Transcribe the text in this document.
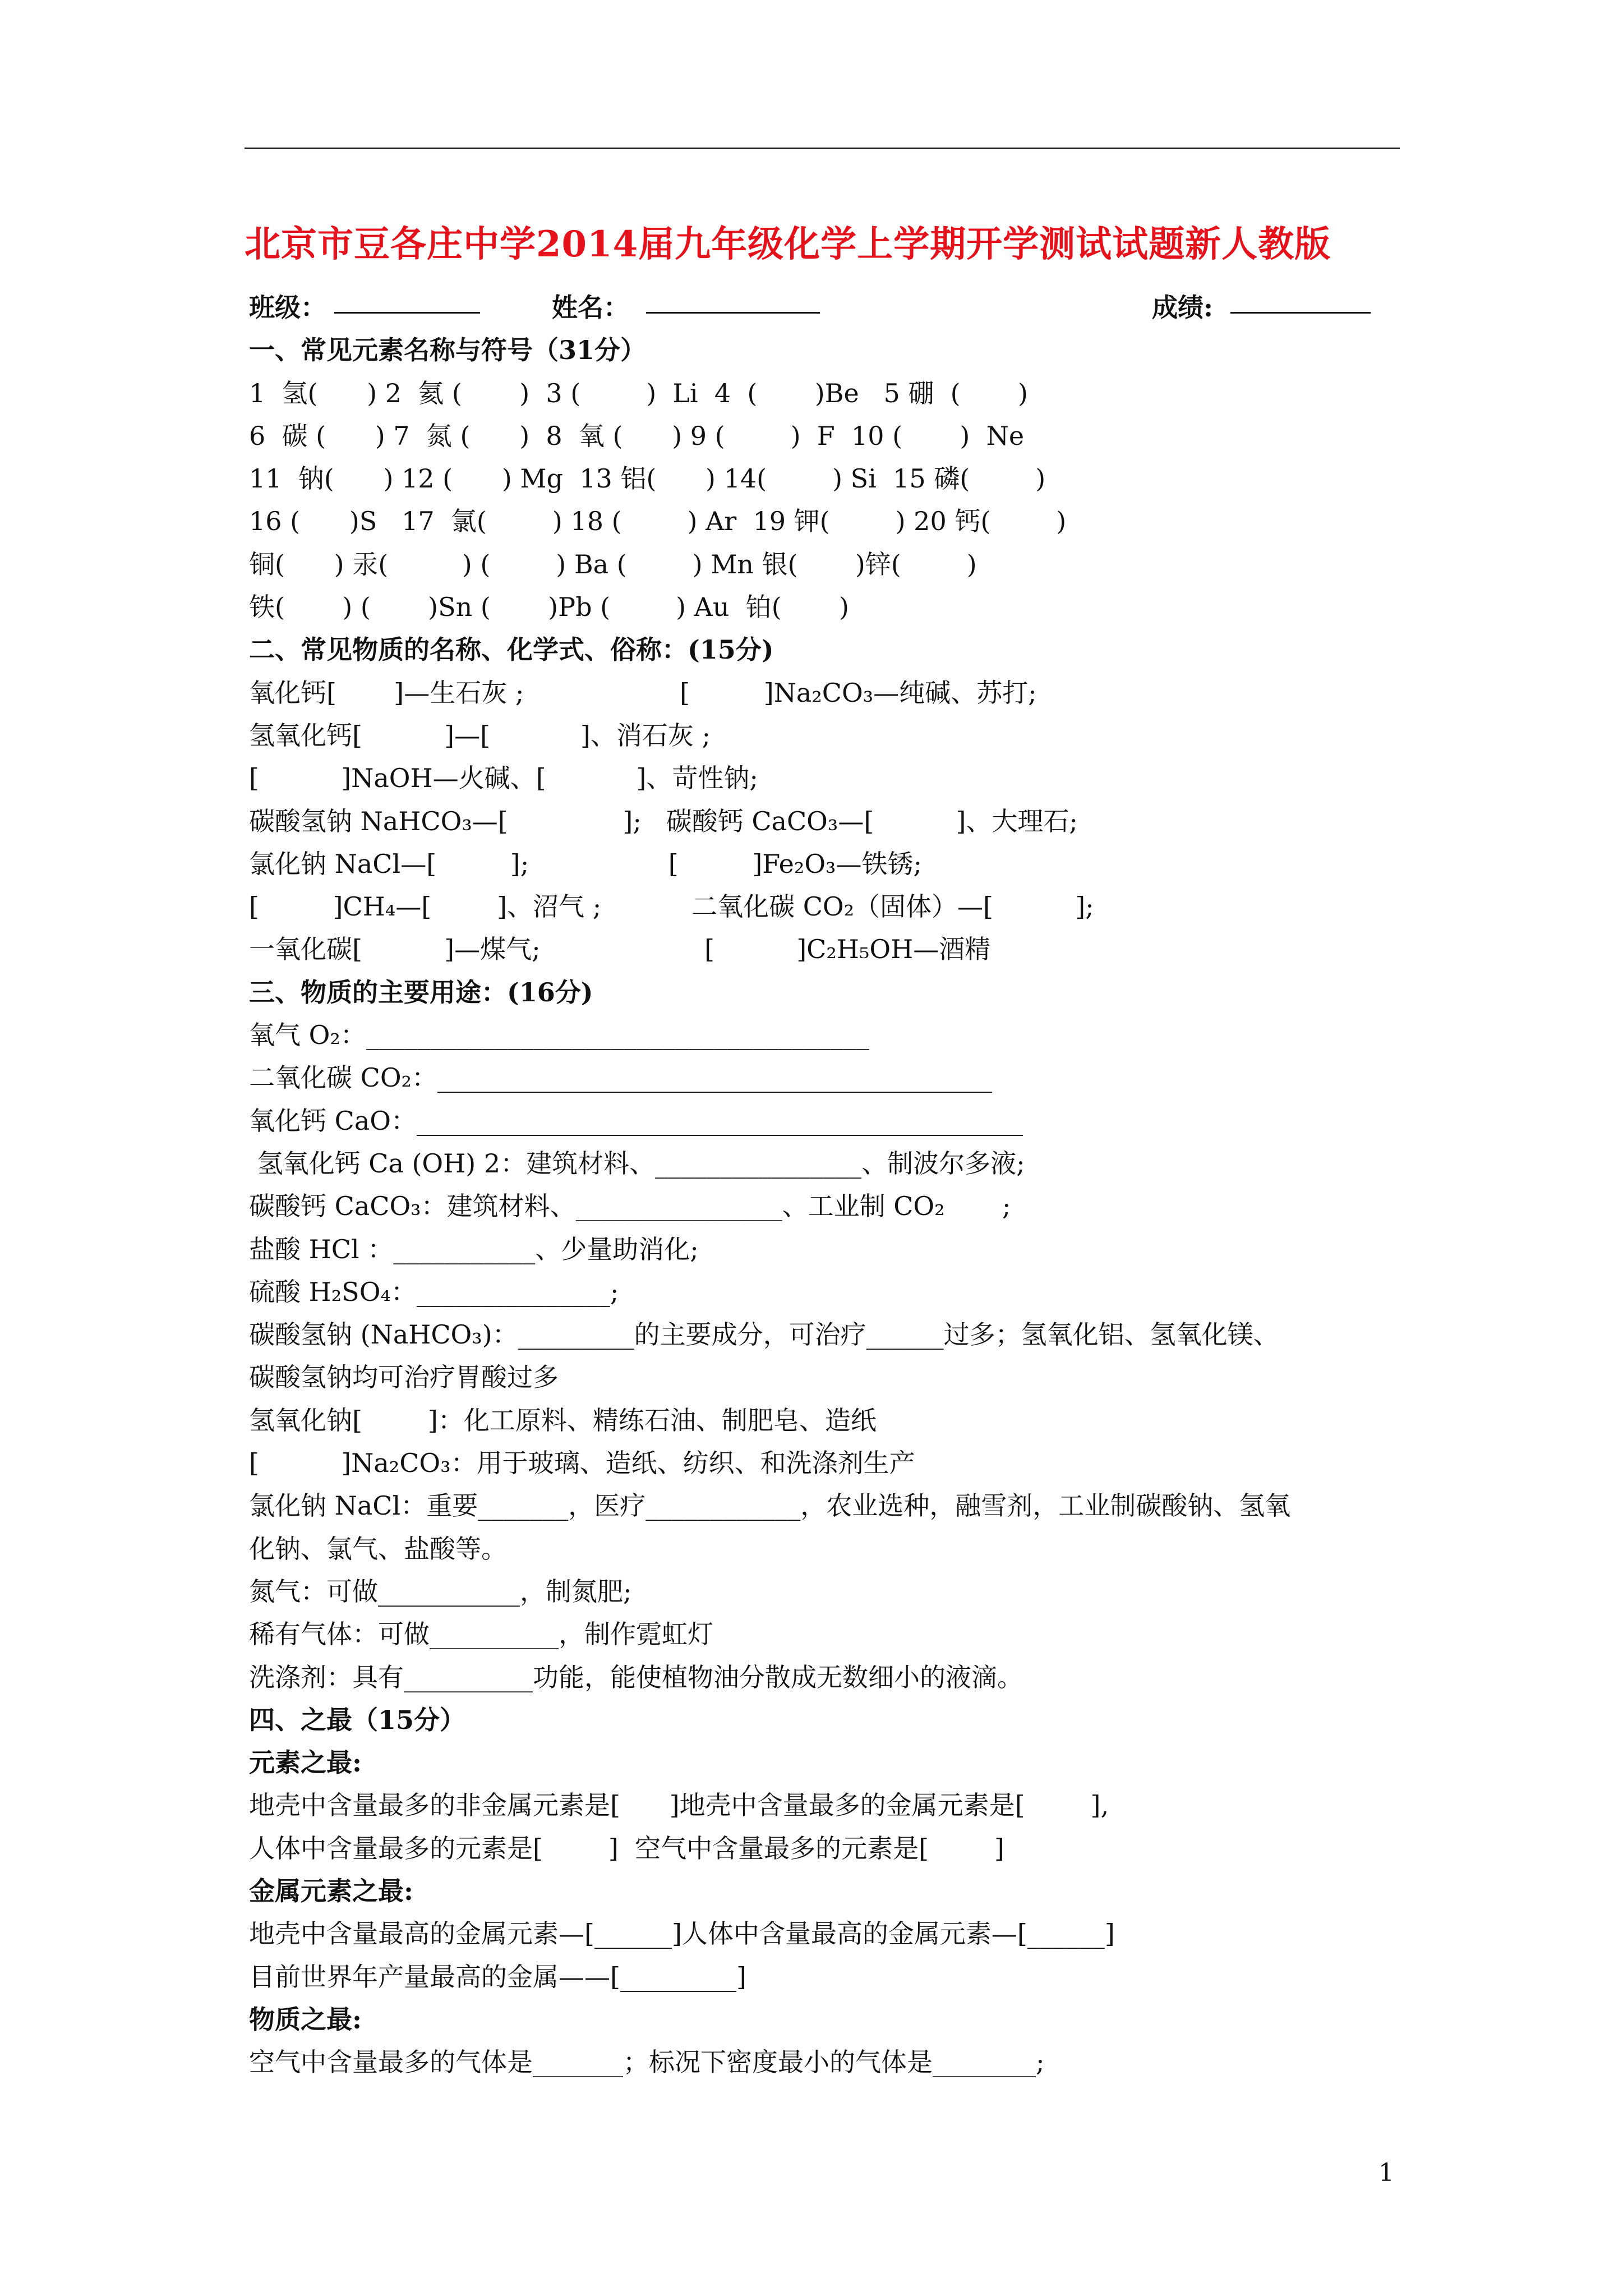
北京市豆各庄中学2014届九年级化学上学期开学测试试题新人教版
班级：	姓名：	成绩:
一、常见元素名称与符号（31分）
1  氢(      ) 2  氦 (       )  3 (        )  Li  4  (       )Be   5 硼  (       )
6  碳 (      ) 7  氮 (      )  8  氧 (      ) 9 (        )  F  10 (       )  Ne
11  钠(      ) 12 (      ) Mg  13 铝(      ) 14(        ) Si  15 磷(        )
16 (      )S   17  氯(        ) 18 (        ) Ar  19 钾(        ) 20 钙(        )
铜(      ) 汞(         ) (        ) Ba (        ) Mn 银(       )锌(        )
铁(       ) (       )Sn (       )Pb (        ) Au  铂(       )
二、常见物质的名称、化学式、俗称：(15分)
氧化钙[       ]—生石灰 ;                   [         ]Na₂CO₃—纯碱、苏打;
氢氧化钙[          ]—[           ]、消石灰 ;
[          ]NaOH—火碱、[           ]、苛性钠;
碳酸氢钠 NaHCO₃—[              ];   碳酸钙 CaCO₃—[          ]、大理石;
氯化钠 NaCl—[         ];                 [         ]Fe₂O₃—铁锈;
[         ]CH₄—[        ]、沼气 ;           二氧化碳 CO₂（固体）—[          ];
一氧化碳[          ]—煤气;                    [          ]C₂H₅OH—酒精
三、物质的主要用途：(16分)
氧气 O₂：_______________________________________
二氧化碳 CO₂：___________________________________________
氧化钙 CaO：_______________________________________________
氢氧化钙 Ca (OH) 2：建筑材料、________________、制波尔多液;
碳酸钙 CaCO₃：建筑材料、________________、工业制 CO₂       ;
盐酸 HCl ：___________、少量助消化;
硫酸 H₂SO₄：_______________;
碳酸氢钠 (NaHCO₃)：_________的主要成分，可治疗______过多；氢氧化铝、氢氧化镁、
碳酸氢钠均可治疗胃酸过多
氢氧化钠[        ]：化工原料、精练石油、制肥皂、造纸
[          ]Na₂CO₃：用于玻璃、造纸、纺织、和洗涤剂生产
氯化钠 NaCl：重要_______，医疗____________，农业选种，融雪剂，工业制碳酸钠、氢氧
化钠、氯气、盐酸等。
氮气：可做___________，制氮肥;
稀有气体：可做__________，制作霓虹灯
洗涤剂：具有__________功能，能使植物油分散成无数细小的液滴。
四、之最（15分）
元素之最:
地壳中含量最多的非金属元素是[      ]地壳中含量最多的金属元素是[        ],
人体中含量最多的元素是[        ]  空气中含量最多的元素是[        ]
金属元素之最:
地壳中含量最高的金属元素—[______]人体中含量最高的金属元素—[______]
目前世界年产量最高的金属——[_________]
物质之最:
空气中含量最多的气体是_______；标况下密度最小的气体是________;
1
